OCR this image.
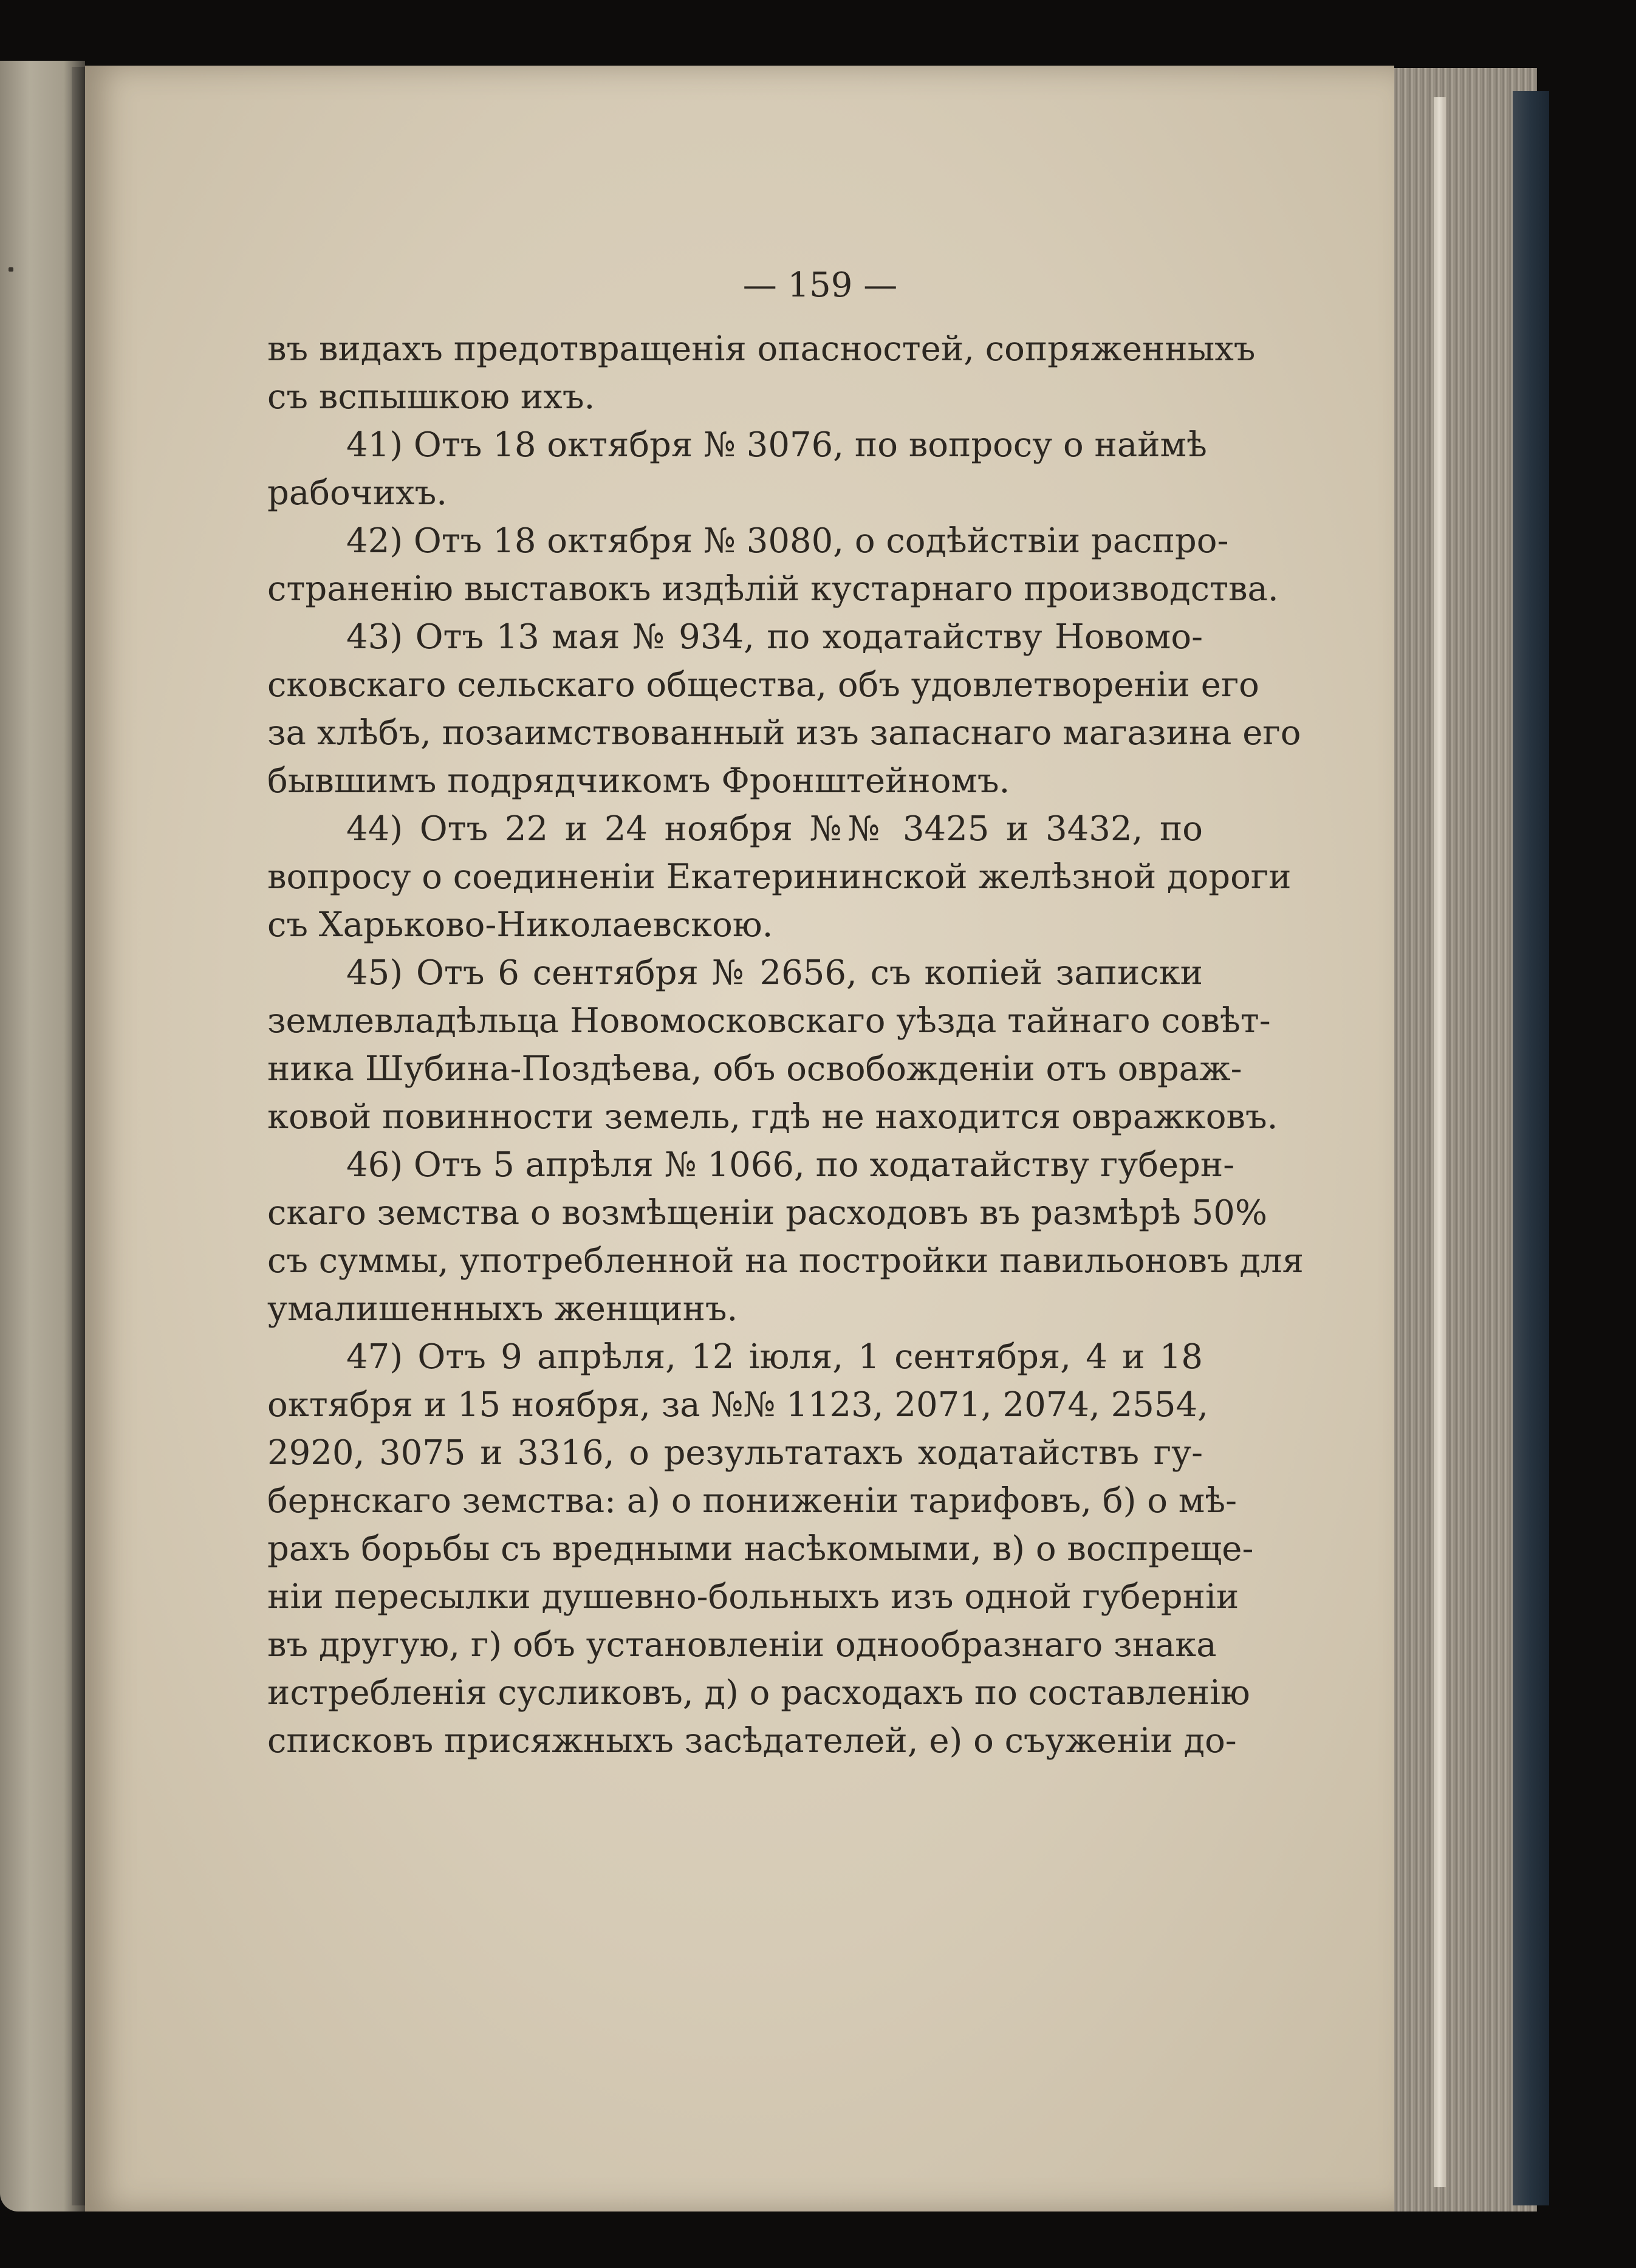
— 159 —
въ видахъ предотвращенія опасностей, сопряженныхъ
съ вспышкою ихъ.
41) Отъ 18 октября № 3076, по вопросу о наймѣ
рабочихъ.
42) Отъ 18 октября № 3080, о содѣйствіи распро-
страненію выставокъ издѣлій кустарнаго производства.
43) Отъ 13 мая № 934, по ходатайству Новомо-
сковскаго сельскаго общества, объ удовлетвореніи его
за хлѣбъ, позаимствованный изъ запаснаго магазина его
бывшимъ подрядчикомъ Фронштейномъ.
44) Отъ 22 и 24 ноября №№ 3425 и 3432, по
вопросу о соединеніи Екатерининской желѣзной дороги
съ Харьково-Николаевскою.
45) Отъ 6 сентября № 2656, съ копіей записки
землевладѣльца Новомосковскаго уѣзда тайнаго совѣт-
ника Шубина-Поздѣева, объ освобожденіи отъ овраж-
ковой повинности земель, гдѣ не находится овражковъ.
46) Отъ 5 апрѣля № 1066, по ходатайству губерн-
скаго земства о возмѣщеніи расходовъ въ размѣрѣ 50%
съ суммы, употребленной на постройки павильоновъ для
умалишенныхъ женщинъ.
47) Отъ 9 апрѣля, 12 іюля, 1 сентября, 4 и 18
октября и 15 ноября, за №№ 1123, 2071, 2074, 2554,
2920, 3075 и 3316, о результатахъ ходатайствъ гу-
бернскаго земства: а) о пониженіи тарифовъ, б) о мѣ-
рахъ борьбы съ вредными насѣкомыми, в) о воспреще-
ніи пересылки душевно-больныхъ изъ одной губерніи
въ другую, г) объ установленіи однообразнаго знака
истребленія сусликовъ, д) о расходахъ по составленію
списковъ присяжныхъ засѣдателей, е) о съуженіи до-
